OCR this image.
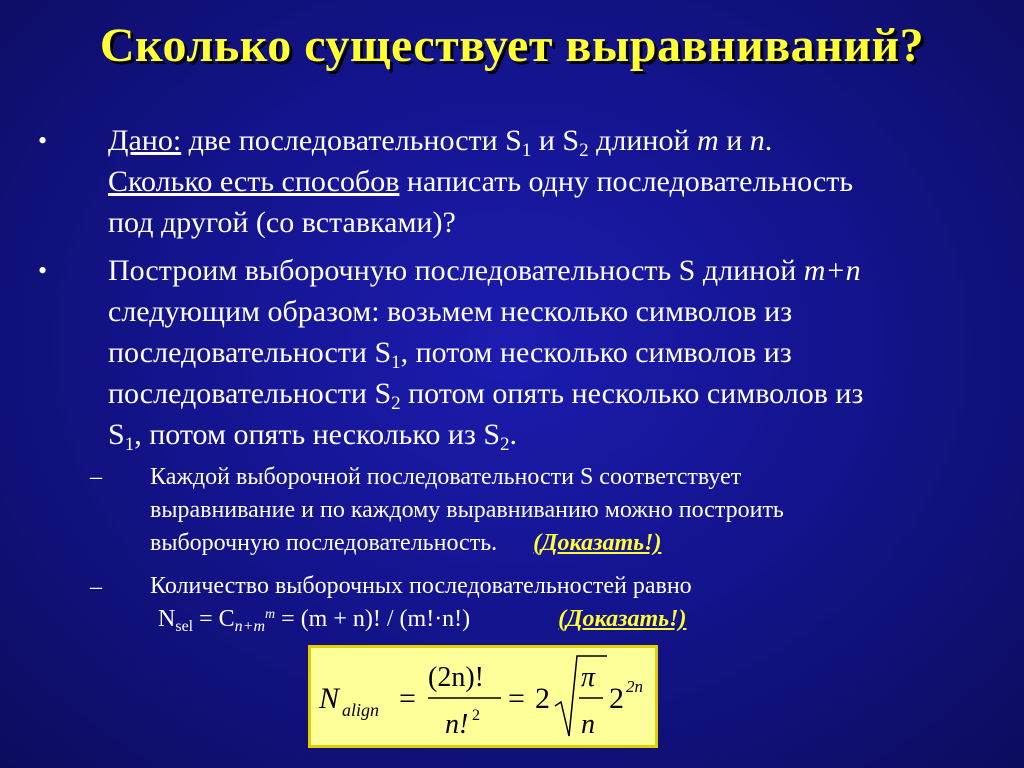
Сколько существует выравниваний?
• Дано: две последовательности $S_1$ и $S_2$ длиной m и n.
Сколько есть способов написать одну последовательность
под другой (со вставками)?
• Построим выборочную последовательность S длиной m+n
следующим образом: возьмем несколько символов из
последовательности $S_1$, потом несколько символов из
последовательности $S_2$ потом опять несколько символов из
$S_1$, потом опять несколько из $S_2$.
– Каждой выборочной последовательности S соответствует
выравнивание и по каждому выравниванию можно построить
выборочную последовательность. (Доказать!)
– Количество выборочных последовательностей равно
$N_{sel} = C_{n+m}^m = (m + n)$! / (m!·n!)	(Доказать!)
N align =
(2n)!
n! 2
= 2
π
n
2 2n
